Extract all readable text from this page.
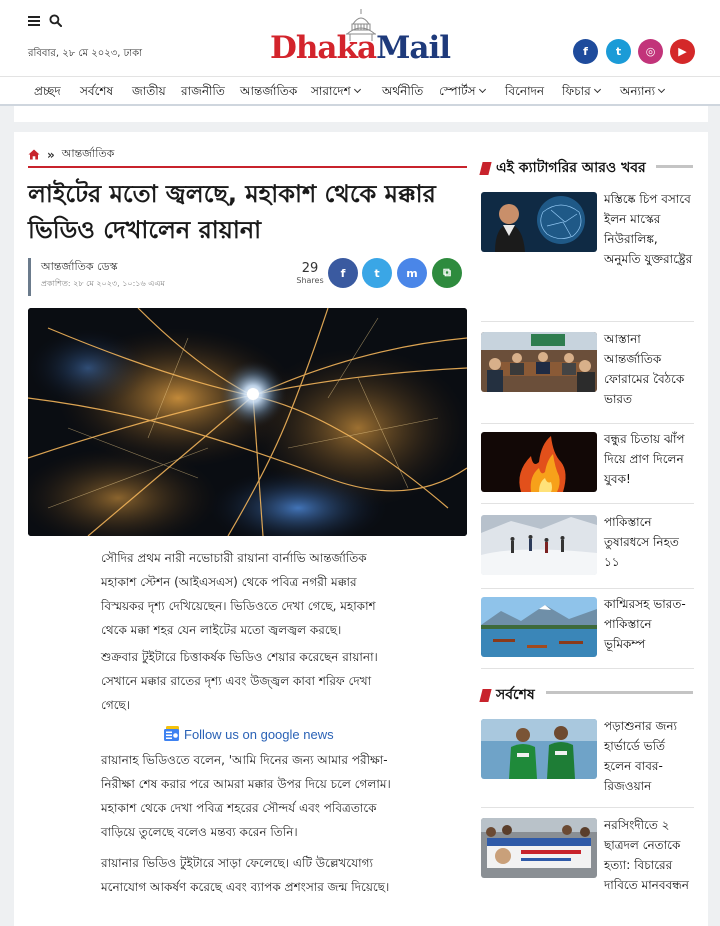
রবিবার, ২৮ মে ২০২৩, ঢাকা	DhakaMail	f	t	◎	▶
প্রচ্ছদ সর্বশেষ জাতীয় রাজনীতি আন্তর্জাতিক সারাদেশ	অর্থনীতি স্পোর্টস	বিনোদন ফিচার	অন্যান্য
» আন্তর্জাতিক
লাইটের মতো জ্বলছে, মহাকাশ থেকে মক্কার ভিডিও দেখালেন রায়ানা
আন্তর্জাতিক ডেস্ক
প্রকাশিত: ২৮ মে ২০২৩, ১০:১৬ এএম
29
Shares
f	t	m	⧉

সৌদির প্রথম নারী নভোচারী রায়ানা বার্নাভি আন্তর্জাতিক মহাকাশ স্টেশন (আইএসএস) থেকে পবিত্র নগরী মক্কার বিস্ময়কর দৃশ্য দেখিয়েছেন। ভিডিওতে দেখা গেছে, মহাকাশ থেকে মক্কা শহর যেন লাইটের মতো জ্বলজ্বল করছে।

শুক্রবার টুইটারে চিত্তাকর্ষক ভিডিও শেয়ার করেছেন রায়ানা। সেখানে মক্কার রাতের দৃশ্য এবং উজ্জ্বল কাবা শরিফ দেখা গেছে।

Follow us on google news

রায়ানাহ ভিডিওতে বলেন, 'আমি দিনের জন্য আমার পরীক্ষা-নিরীক্ষা শেষ করার পরে আমরা মক্কার উপর দিয়ে চলে গেলাম। মহাকাশ থেকে দেখা পবিত্র শহরের সৌন্দর্য এবং পবিত্রতাকে বাড়িয়ে তুলেছে বলেও মন্তব্য করেন তিনি।

রায়ানার ভিডিও টুইটারে সাড়া ফেলেছে। এটি উল্লেখযোগ্য মনোযোগ আকর্ষণ করেছে এবং ব্যাপক প্রশংসার জন্ম দিয়েছে।

এই ক্যাটাগরির আরও খবর
মস্তিষ্কে চিপ বসাবে ইলন মাস্কের নিউরালিঙ্ক, অনুমতি যুক্তরাষ্ট্রের
আস্তানা আন্তর্জাতিক ফোরামের বৈঠকে ভারত
বন্ধুর চিতায় ঝাঁপ দিয়ে প্রাণ দিলেন যুবক!
পাকিস্তানে তুষারধসে নিহত ১১
কাশ্মিরসহ ভারত-পাকিস্তানে ভূমিকম্প
সর্বশেষ
পড়াশুনার জন্য হার্ভার্ডে ভর্তি হলেন বাবর-রিজওয়ান
নরসিংদীতে ২ ছাত্রদল নেতাকে হত্যা: বিচারের দাবিতে মানববন্ধন
